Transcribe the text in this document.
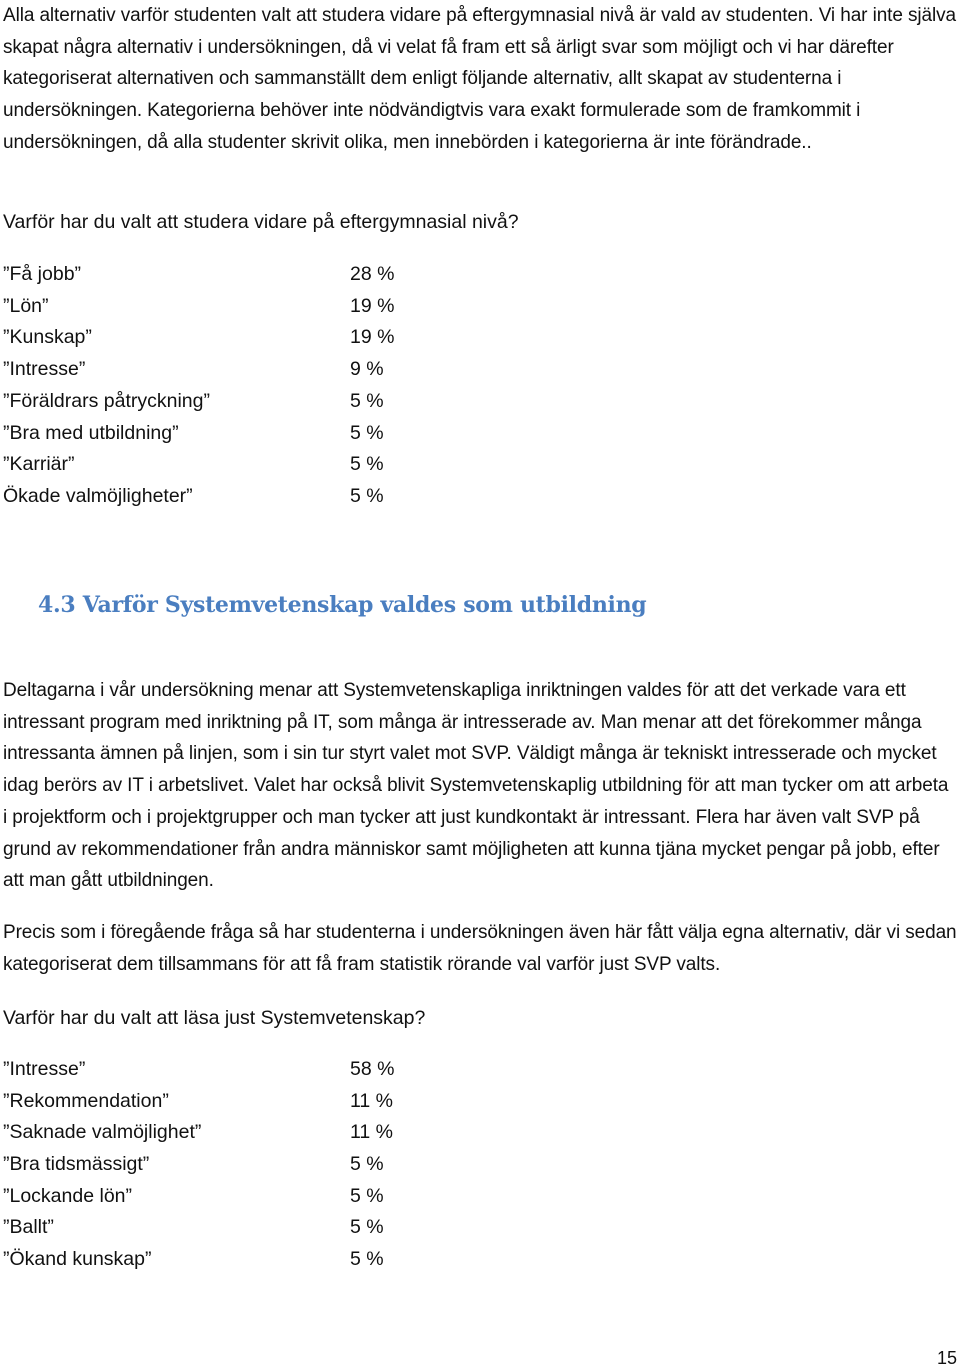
Alla alternativ varför studenten valt att studera vidare på eftergymnasial nivå är vald av studenten. Vi har inte själva skapat några alternativ i undersökningen, då vi velat få fram ett så ärligt svar som möjligt och vi har därefter kategoriserat alternativen och sammanställt dem enligt följande alternativ, allt skapat av studenterna i undersökningen. Kategorierna behöver inte nödvändigtvis vara exakt formulerade som de framkommit i undersökningen, då alla studenter skrivit olika, men innebörden i kategorierna är inte förändrade..

Varför har du valt att studera vidare på eftergymnasial nivå?

”Få jobb”	28 %
”Lön”	19 %
”Kunskap”	19 %
”Intresse”	9 %
”Föräldrars påtryckning”	5 %
”Bra med utbildning”	5 %
”Karriär”	5 %
Ökade valmöjligheter”	5 %
4.3 Varför Systemvetenskap valdes som utbildning

Deltagarna i vår undersökning menar att Systemvetenskapliga inriktningen valdes för att det verkade vara ett intressant program med inriktning på IT, som många är intresserade av. Man menar att det förekommer många intressanta ämnen på linjen, som i sin tur styrt valet mot SVP. Väldigt många är tekniskt intresserade och mycket idag berörs av IT i arbetslivet. Valet har också blivit Systemvetenskaplig utbildning för att man tycker om att arbeta i projektform och i projektgrupper och man tycker att just kundkontakt är intressant. Flera har även valt SVP på grund av rekommendationer från andra människor samt möjligheten att kunna tjäna mycket pengar på jobb, efter att man gått utbildningen.

Precis som i föregående fråga så har studenterna i undersökningen även här fått välja egna alternativ, där vi sedan kategoriserat dem tillsammans för att få fram statistik rörande val varför just SVP valts.

Varför har du valt att läsa just Systemvetenskap?

”Intresse”	58 %
”Rekommendation”	11 %
”Saknade valmöjlighet”	11 %
”Bra tidsmässigt”	5 %
”Lockande lön”	5 %
”Ballt”	5 %
”Ökand kunskap”	5 %
15
